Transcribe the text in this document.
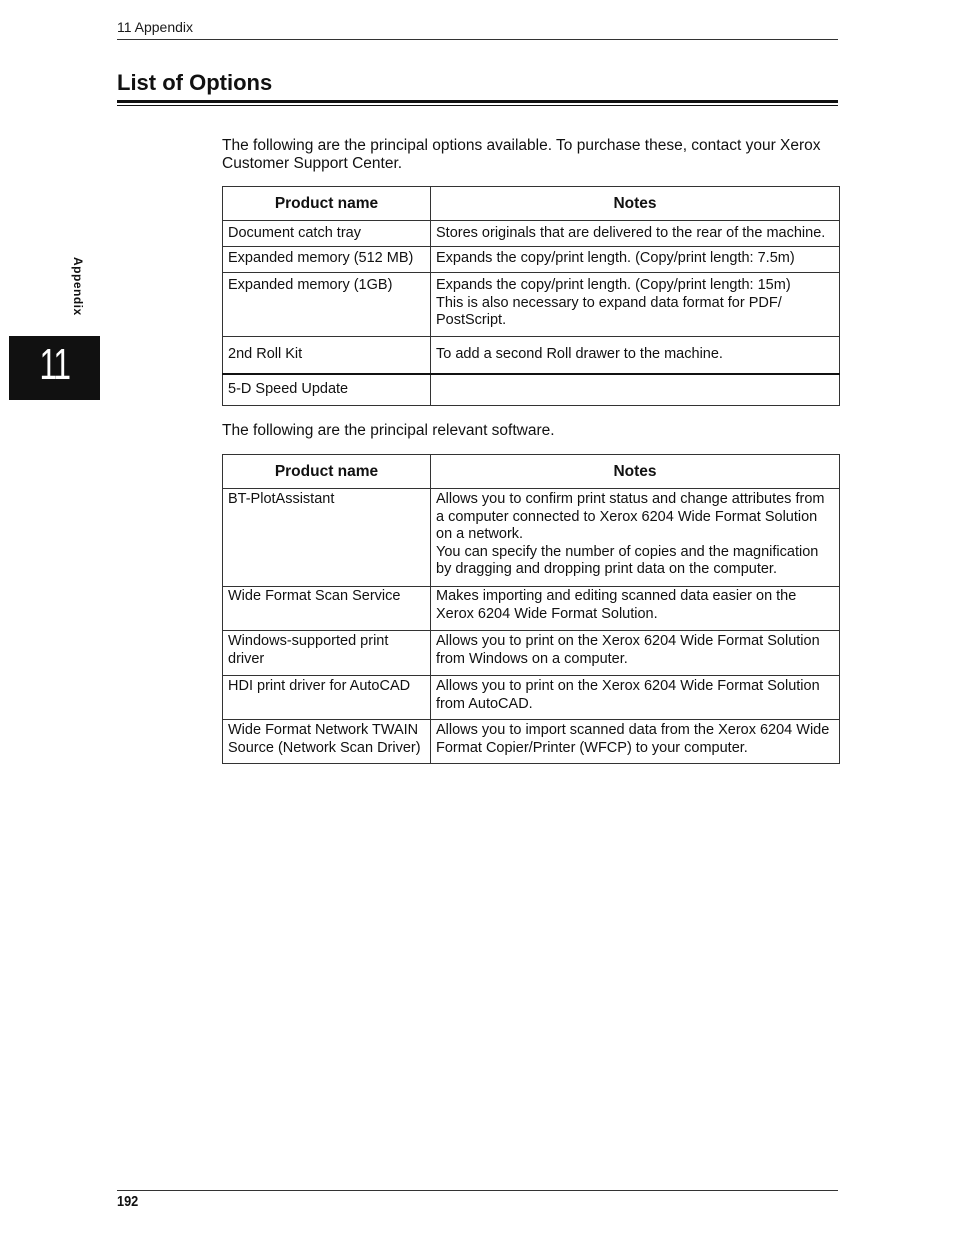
11 Appendix
List of Options
Appendix
11

The following are the principal options available. To purchase these, contact your Xerox Customer Support Center.

Product name	Notes
Document catch tray	Stores originals that are delivered to the rear of the machine.
Expanded memory (512 MB)	Expands the copy/print length. (Copy/print length: 7.5m)
Expanded memory (1GB)	Expands the copy/print length. (Copy/print length: 15m)
This is also necessary to expand data format for PDF/ PostScript.
2nd Roll Kit	To add a second Roll drawer to the machine.
5-D Speed Update	

The following are the principal relevant software.

Product name	Notes
BT-PlotAssistant	Allows you to confirm print status and change attributes from a computer connected to Xerox 6204 Wide Format Solution on a network.
You can specify the number of copies and the magnification by dragging and dropping print data on the computer.
Wide Format Scan Service	Makes importing and editing scanned data easier on the Xerox 6204 Wide Format Solution.
Windows-supported print driver	Allows you to print on the Xerox 6204 Wide Format Solution from Windows on a computer.
HDI print driver for AutoCAD	Allows you to print on the Xerox 6204 Wide Format Solution from AutoCAD.
Wide Format Network TWAIN Source (Network Scan Driver)	Allows you to import scanned data from the Xerox 6204 Wide Format Copier/Printer (WFCP) to your computer.
192
